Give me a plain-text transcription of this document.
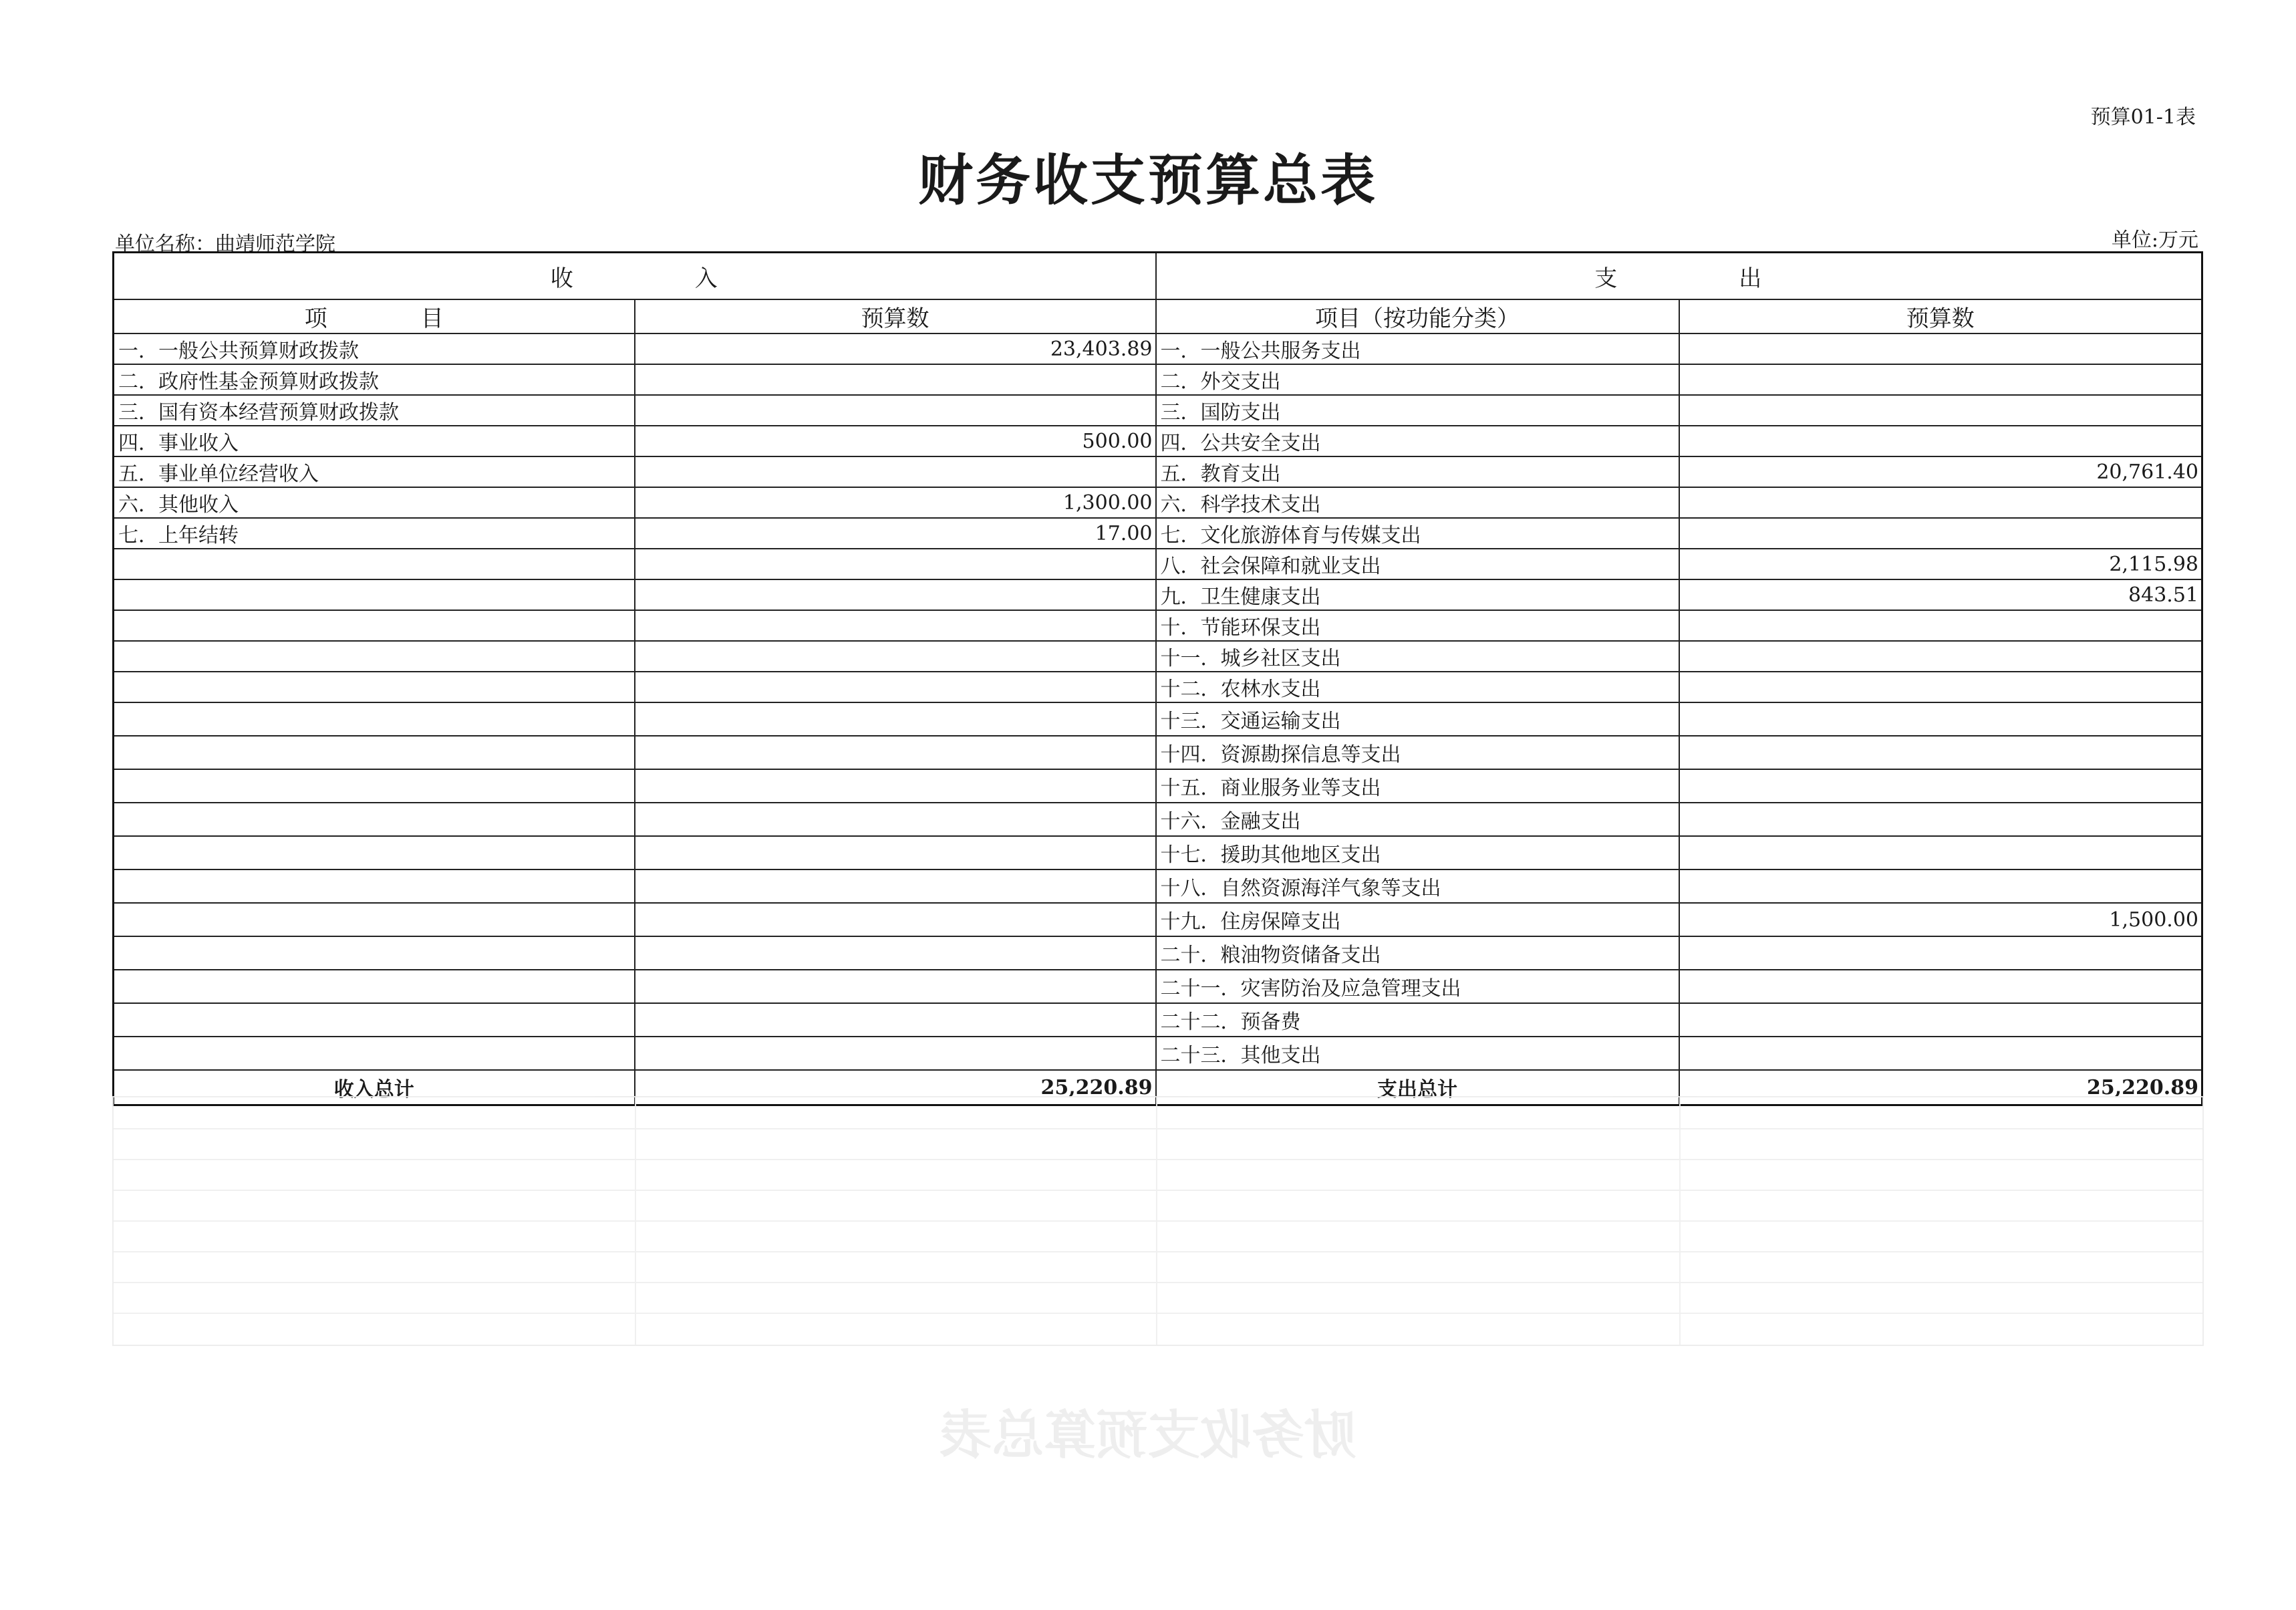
预算01-1表
财务收支预算总表
单位名称：曲靖师范学院	单位:万元
收 入		支 出	
项 目	预算数	项目（按功能分类）	预算数
一．一般公共预算财政拨款	23,403.89	一．一般公共服务支出	
二．政府性基金预算财政拨款		二．外交支出	
三．国有资本经营预算财政拨款		三．国防支出	
四．事业收入	500.00	四．公共安全支出	
五．事业单位经营收入		五．教育支出	20,761.40
六．其他收入	1,300.00	六．科学技术支出	
七．上年结转	17.00	七．文化旅游体育与传媒支出	
		八．社会保障和就业支出	2,115.98
		九．卫生健康支出	843.51
		十．节能环保支出	
		十一．城乡社区支出	
		十二．农林水支出	
		十三．交通运输支出	
		十四．资源勘探信息等支出	
		十五．商业服务业等支出	
		十六．金融支出	
		十七．援助其他地区支出	
		十八．自然资源海洋气象等支出	
		十九．住房保障支出	1,500.00
		二十．粮油物资储备支出	
		二十一．灾害防治及应急管理支出	
		二十二．预备费	
		二十三．其他支出	
收入总计	25,220.89	支出总计	25,220.89
财务收支预算总表
